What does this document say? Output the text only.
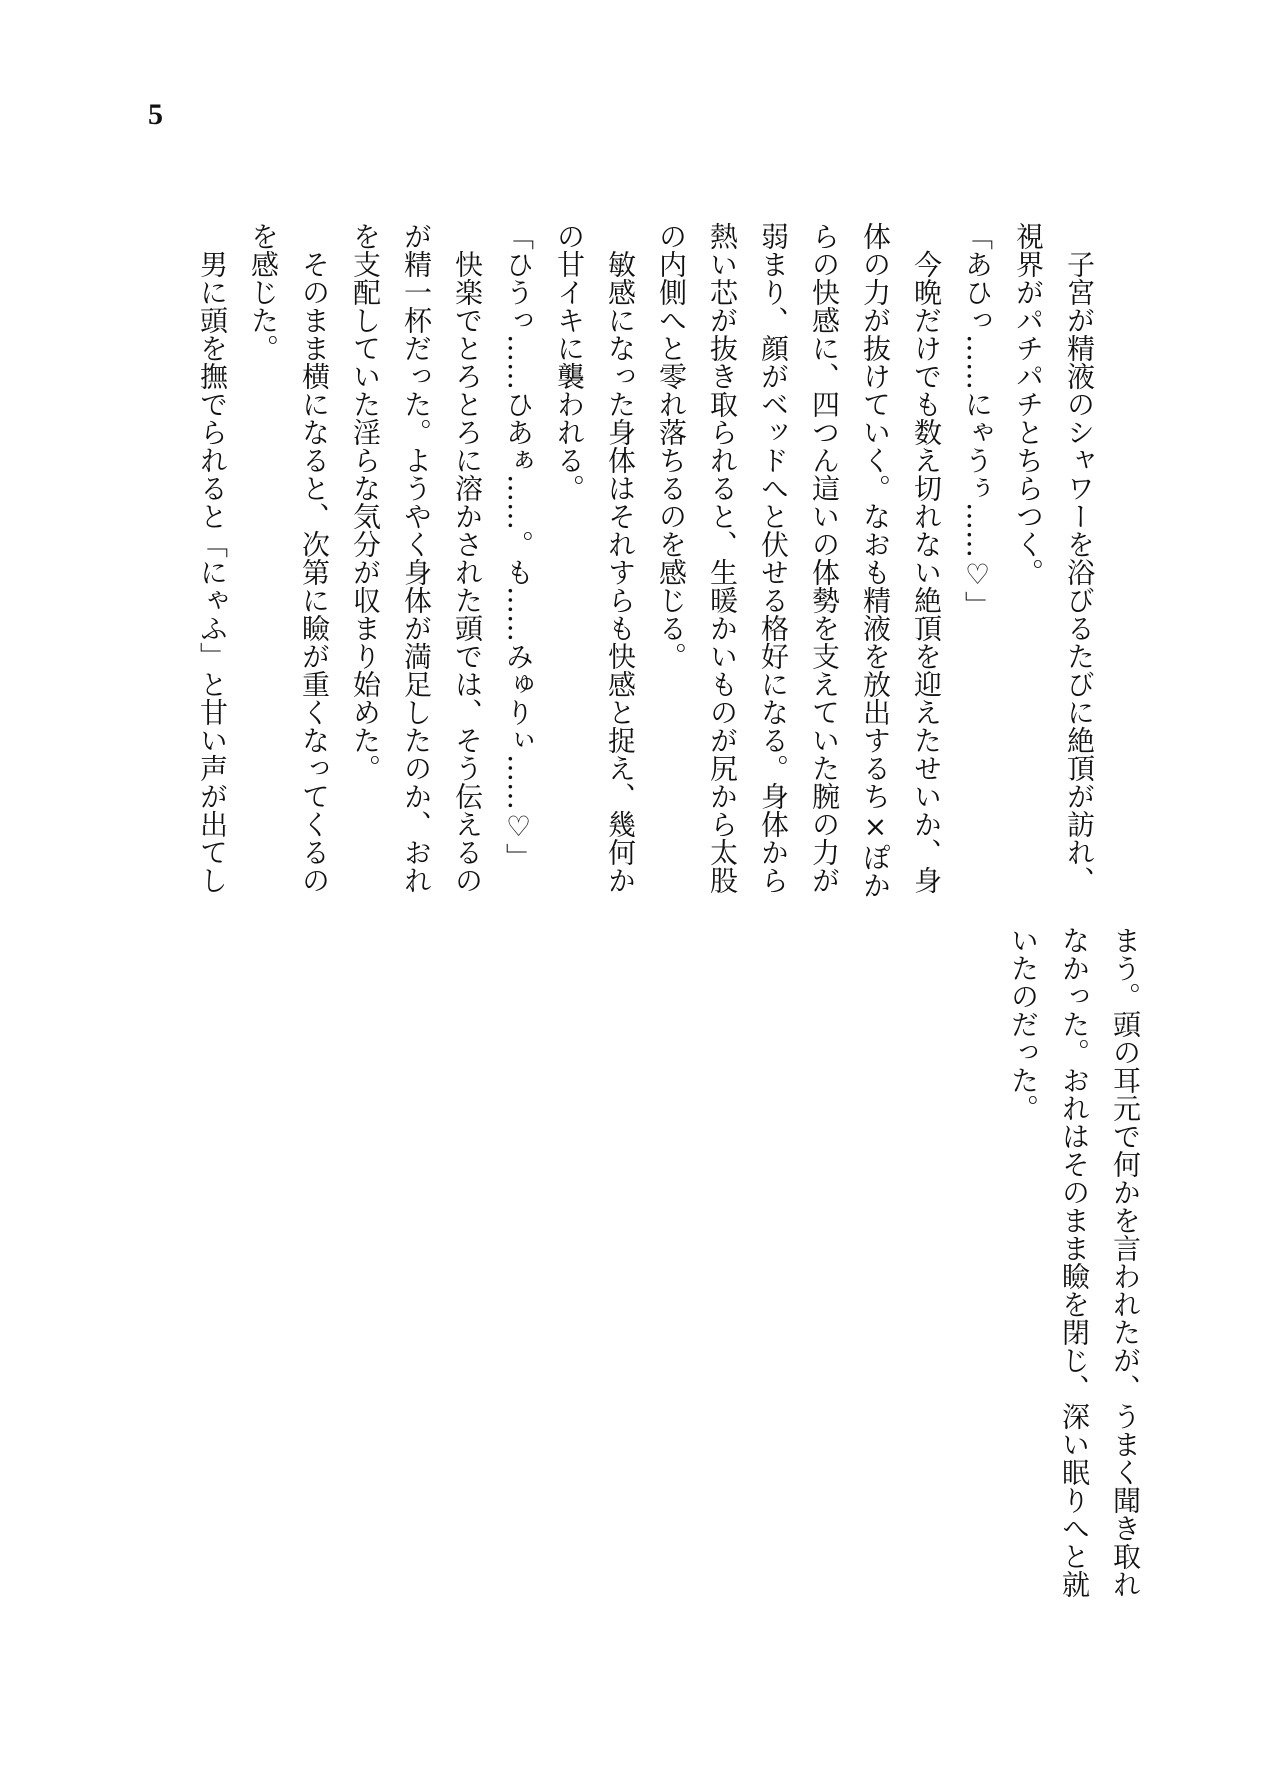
5
子宮が精液のシャワーを浴びるたびに絶頂が訪れ、
視界がパチパチとちらつく。
「あひっ……にゃうぅ……♡」
今晩だけでも数え切れない絶頂を迎えたせいか、身
体の力が抜けていく。なおも精液を放出するち×ぽか
らの快感に、四つん這いの体勢を支えていた腕の力が
弱まり、顔がベッドへと伏せる格好になる。身体から
熱い芯が抜き取られると、生暖かいものが尻から太股
の内側へと零れ落ちるのを感じる。
敏感になった身体はそれすらも快感と捉え、幾何か
の甘イキに襲われる。
「ひうっ……ひあぁ……。も……みゅりぃ……♡」
快楽でとろとろに溶かされた頭では、そう伝えるの
が精一杯だった。ようやく身体が満足したのか、おれ
を支配していた淫らな気分が収まり始めた。
そのまま横になると、次第に瞼が重くなってくるの
を感じた。
男に頭を撫でられると「にゃふ」と甘い声が出てし
まう。頭の耳元で何かを言われたが、うまく聞き取れ
なかった。おれはそのまま瞼を閉じ、深い眠りへと就
いたのだった。
